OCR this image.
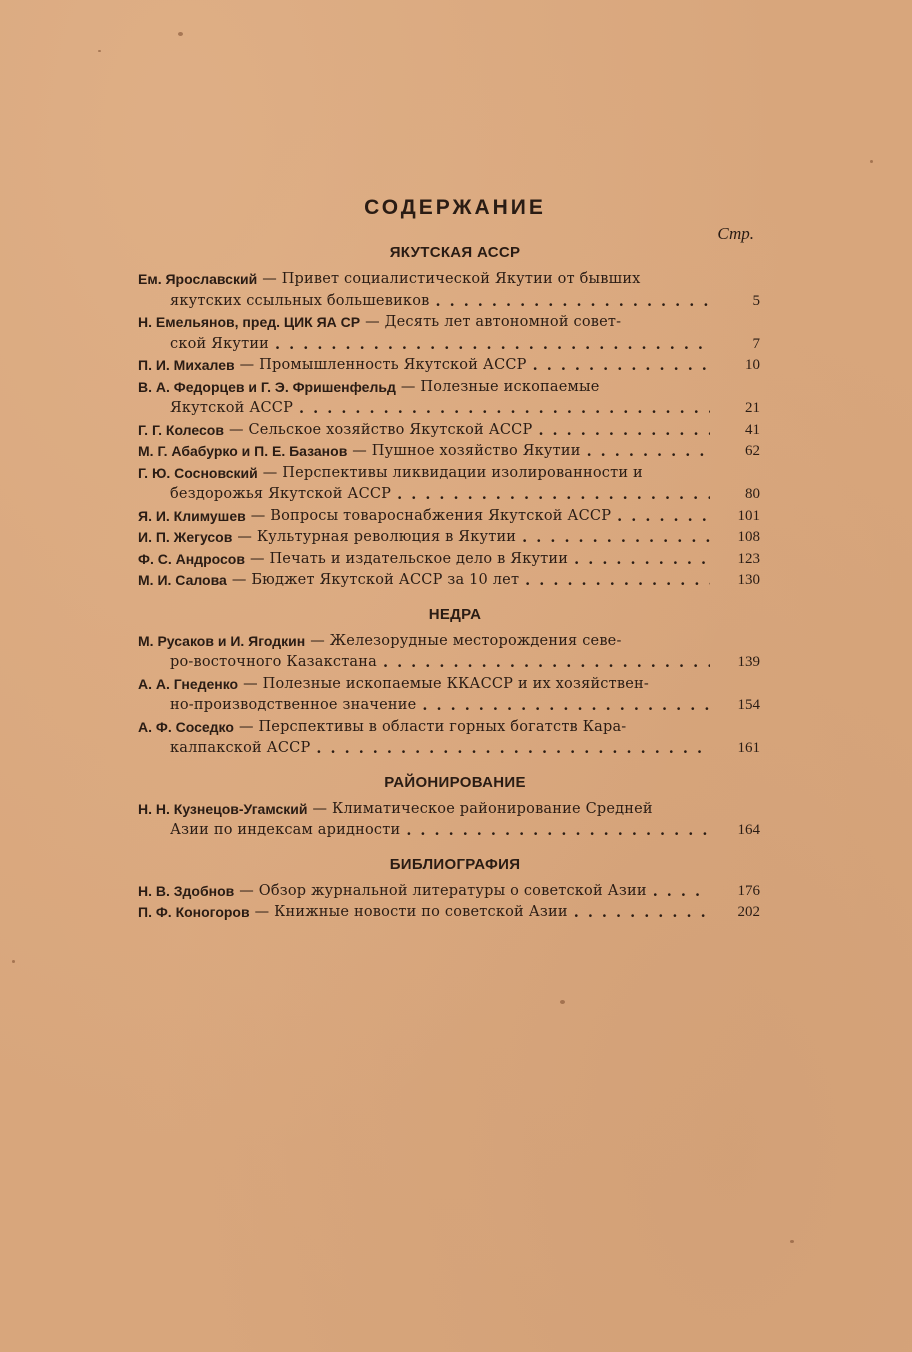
СОДЕРЖАНИЕ
Стр.
ЯКУТСКАЯ АССР
Ем. Ярославский — Привет социалистической Якутии от бывших
якутских ссыльных большевиков . . .	5
Н. Емельянов, пред. ЦИК ЯА СР — Десять лет автономной совет-
ской Якутии . . .	7
П. И. Михалев — Промышленность Якутской АССР . . .	10
В. А. Федорцев и Г. Э. Фришенфельд — Полезные ископаемые
Якутской АССР . . .	21
Г. Г. Колесов — Сельское хозяйство Якутской АССР . . .	41
М. Г. Абабурко и П. Е. Базанов — Пушное хозяйство Якутии . . .	62
Г. Ю. Сосновский — Перспективы ликвидации изолированности и
бездорожья Якутской АССР . . .	80
Я. И. Климушев — Вопросы товароснабжения Якутской АССР . . .	101
И. П. Жегусов — Культурная революция в Якутии . . .	108
Ф. С. Андросов — Печать и издательское дело в Якутии . . .	123
М. И. Салова — Бюджет Якутской АССР за 10 лет . . .	130
НЕДРА
М. Русаков и И. Ягодкин — Железорудные месторождения севе-
ро-восточного Казакстана . . .	139
А. А. Гнеденко — Полезные ископаемые ККАССР и их хозяйствен-
но-производственное значение . . .	154
А. Ф. Соседко — Перспективы в области горных богатств Кара-
калпакской АССР . . .	161
РАЙОНИРОВАНИЕ
Н. Н. Кузнецов-Угамский — Климатическое районирование Средней
Азии по индексам аридности . . .	164
БИБЛИОГРАФИЯ
Н. В. Здобнов — Обзор журнальной литературы о советской Азии . . .	176
П. Ф. Коногоров — Книжные новости по советской Азии . . .	202
